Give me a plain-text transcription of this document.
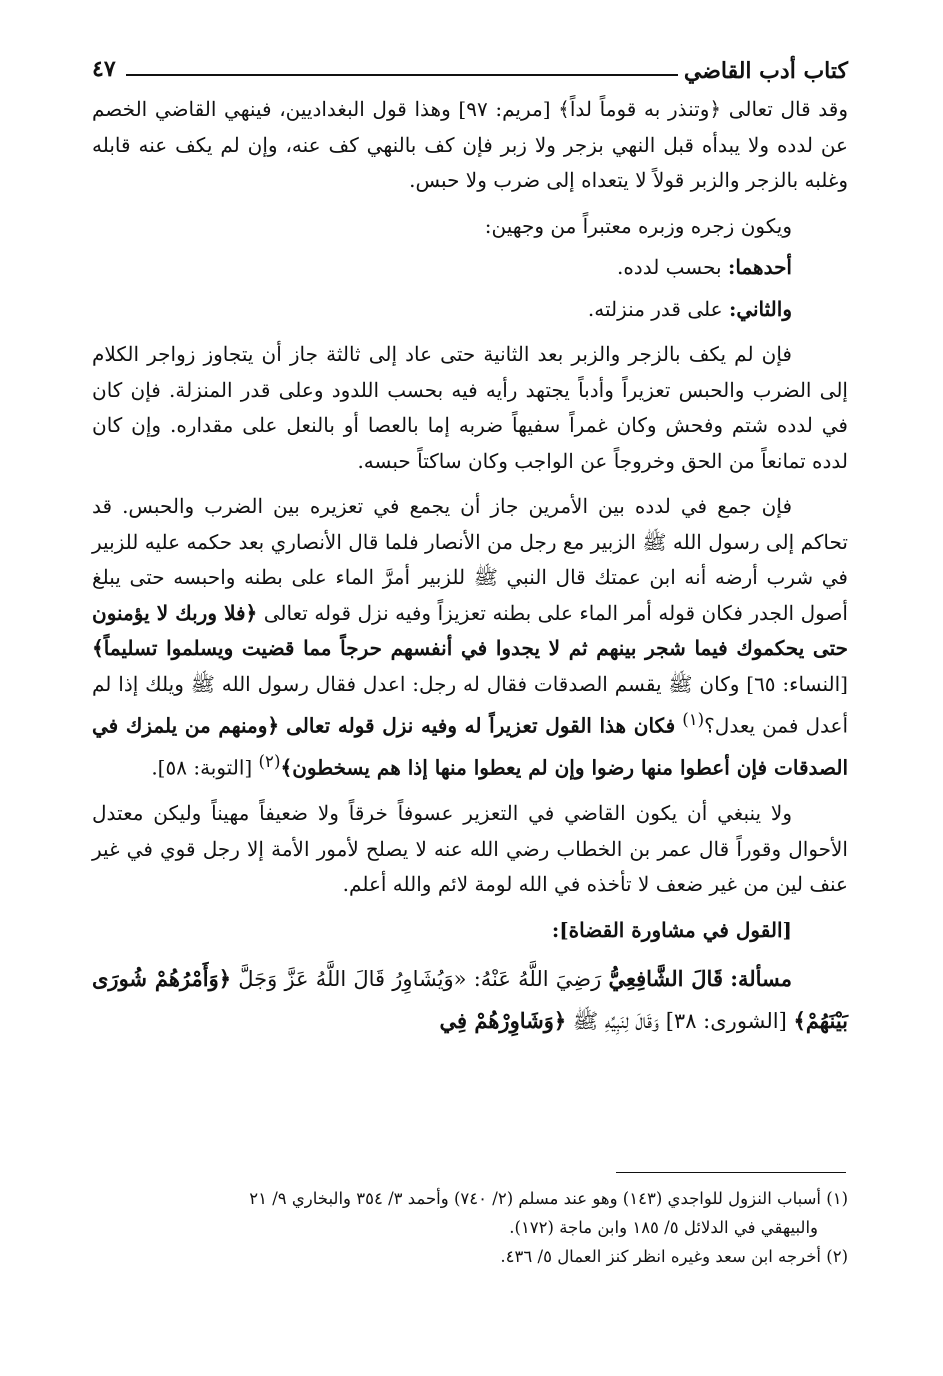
كتاب أدب القاضي
٤٧

وقد قال تعالى ﴿وتنذر به قوماً لداً﴾ [مريم: ٩٧] وهذا قول البغداديين، فينهي القاضي الخصم عن لدده ولا يبدأه قبل النهي بزجر ولا زبر فإن كف بالنهي كف عنه، وإن لم يكف عنه قابله وغلبه بالزجر والزبر قولاً لا يتعداه إلى ضرب ولا حبس.

ويكون زجره وزبره معتبراً من وجهين:

أحدهما: بحسب لدده.

والثاني: على قدر منزلته.

فإن لم يكف بالزجر والزبر بعد الثانية حتى عاد إلى ثالثة جاز أن يتجاوز زواجر الكلام إلى الضرب والحبس تعزيراً وأدباً يجتهد رأيه فيه بحسب اللدود وعلى قدر المنزلة. فإن كان في لدده شتم وفحش وكان غمراً سفيهاً ضربه إما بالعصا أو بالنعل على مقداره. وإن كان لدده تمانعاً من الحق وخروجاً عن الواجب وكان ساكتاً حبسه.

فإن جمع في لدده بين الأمرين جاز أن يجمع في تعزيره بين الضرب والحبس. قد تحاكم إلى رسول الله ﷺ الزبير مع رجل من الأنصار فلما قال الأنصاري بعد حكمه عليه للزبير في شرب أرضه أنه ابن عمتك قال النبي ﷺ للزبير أمرَّ الماء على بطنه واحبسه حتى يبلغ أصول الجدر فكان قوله أمر الماء على بطنه تعزيزاً وفيه نزل قوله تعالى ﴿فلا وربك لا يؤمنون حتى يحكموك فيما شجر بينهم ثم لا يجدوا في أنفسهم حرجاً مما قضيت ويسلموا تسليماً﴾ [النساء: ٦٥] وكان ﷺ يقسم الصدقات فقال له رجل: اعدل فقال رسول الله ﷺ ويلك إذا لم أعدل فمن يعدل؟$^{(١)}$ فكان هذا القول تعزيراً له وفيه نزل قوله تعالى ﴿ومنهم من يلمزك في الصدقات فإن أعطوا منها رضوا وإن لم يعطوا منها إذا هم يسخطون﴾$^{(٢)}$ [التوبة: ٥٨].

ولا ينبغي أن يكون القاضي في التعزير عسوفاً خرقاً ولا ضعيفاً مهيناً وليكن معتدل الأحوال وقوراً قال عمر بن الخطاب رضي الله عنه لا يصلح لأمور الأمة إلا رجل قوي في غير عنف لين من غير ضعف لا تأخذه في الله لومة لائم والله أعلم.

[القول في مشاورة القضاة]:

مسألة: قَالَ الشَّافِعِيُّ رَضِيَ اللَّهُ عَنْهُ: «وَيُشَاوِرُ قَالَ اللَّهُ عَزَّ وَجَلَّ ﴿وَأَمْرُهُمْ شُورَى بَيْنَهُمْ﴾ [الشورى: ٣٨] وَقَالَ لِنَبِيِّهِ ﷺ ﴿وَشَاوِرْهُمْ فِي

(١) أسباب النزول للواجدي (١٤٣) وهو عند مسلم (٢/ ٧٤٠) وأحمد ٣/ ٣٥٤ والبخاري ٩/ ٢١

والبيهقي في الدلائل ٥/ ١٨٥ وابن ماجة (١٧٢).

(٢) أخرجه ابن سعد وغيره انظر كنز العمال ٥/ ٤٣٦.
